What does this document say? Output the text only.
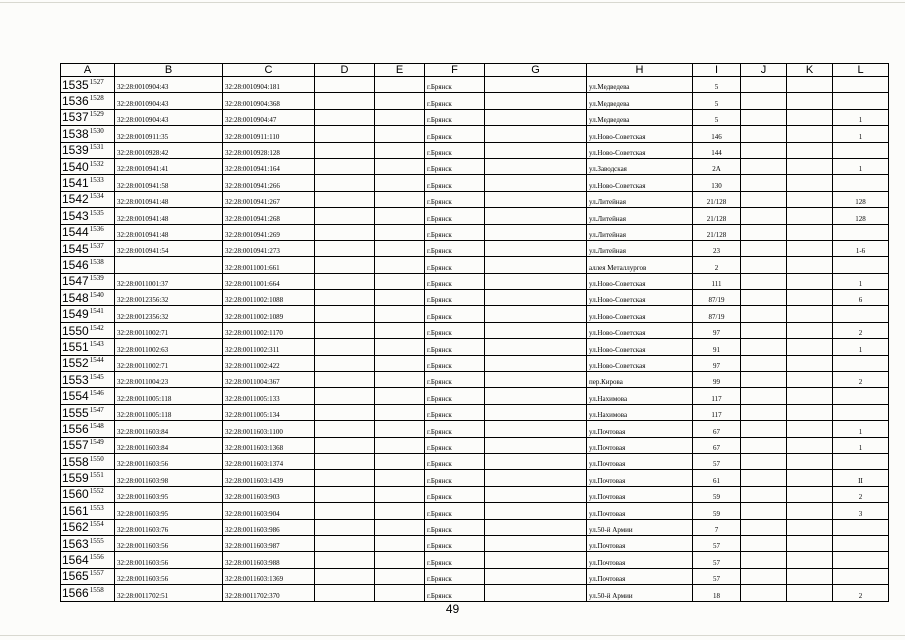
A	B	C	D	E	F	G	H	I	J	K	L
$1535^{1527}$	32:28:0010904:43	32:28:0010904:181			г.Брянск		ул.Медведева	5			
$1536^{1528}$	32:28:0010904:43	32:28:0010904:368			г.Брянск		ул.Медведева	5			
$1537^{1529}$	32:28:0010904:43	32:28:0010904:47			г.Брянск		ул.Медведева	5			1
$1538^{1530}$	32:28:0010911:35	32:28:0010911:110			г.Брянск		ул.Ново-Советская	146			1
$1539^{1531}$	32:28:0010928:42	32:28:0010928:128			г.Брянск		ул.Ново-Советская	144			
$1540^{1532}$	32:28:0010941:41	32:28:0010941:164			г.Брянск		ул.Заводская	2А			1
$1541^{1533}$	32:28:0010941:58	32:28:0010941:266			г.Брянск		ул.Ново-Советская	130			
$1542^{1534}$	32:28:0010941:48	32:28:0010941:267			г.Брянск		ул.Литейная	21/128			128
$1543^{1535}$	32:28:0010941:48	32:28:0010941:268			г.Брянск		ул.Литейная	21/128			128
$1544^{1536}$	32:28:0010941:48	32:28:0010941:269			г.Брянск		ул.Литейная	21/128			
$1545^{1537}$	32:28:0010941:54	32:28:0010941:273			г.Брянск		ул.Литейная	23			1-6
$1546^{1538}$		32:28:0011001:661			г.Брянск		аллея Металлургов	2			
$1547^{1539}$	32:28:0011001:37	32:28:0011001:664			г.Брянск		ул.Ново-Советская	111			1
$1548^{1540}$	32:28:0012356:32	32:28:0011002:1088			г.Брянск		ул.Ново-Советская	87/19			6
$1549^{1541}$	32:28:0012356:32	32:28:0011002:1089			г.Брянск		ул.Ново-Советская	87/19			
$1550^{1542}$	32:28:0011002:71	32:28:0011002:1170			г.Брянск		ул.Ново-Советская	97			2
$1551^{1543}$	32:28:0011002:63	32:28:0011002:311			г.Брянск		ул.Ново-Советская	91			1
$1552^{1544}$	32:28:0011002:71	32:28:0011002:422			г.Брянск		ул.Ново-Советская	97			
$1553^{1545}$	32:28:0011004:23	32:28:0011004:367			г.Брянск		пер.Кирова	99			2
$1554^{1546}$	32:28:0011005:118	32:28:0011005:133			г.Брянск		ул.Нахимова	117			
$1555^{1547}$	32:28:0011005:118	32:28:0011005:134			г.Брянск		ул.Нахимова	117			
$1556^{1548}$	32:28:0011603:84	32:28:0011603:1100			г.Брянск		ул.Почтовая	67			1
$1557^{1549}$	32:28:0011603:84	32:28:0011603:1368			г.Брянск		ул.Почтовая	67			1
$1558^{1550}$	32:28:0011603:56	32:28:0011603:1374			г.Брянск		ул.Почтовая	57			
$1559^{1551}$	32:28:0011603:98	32:28:0011603:1439			г.Брянск		ул.Почтовая	61			II
$1560^{1552}$	32:28:0011603:95	32:28:0011603:903			г.Брянск		ул.Почтовая	59			2
$1561^{1553}$	32:28:0011603:95	32:28:0011603:904			г.Брянск		ул.Почтовая	59			3
$1562^{1554}$	32:28:0011603:76	32:28:0011603:986			г.Брянск		ул.50-й Армии	7			
$1563^{1555}$	32:28:0011603:56	32:28:0011603:987			г.Брянск		ул.Почтовая	57			
$1564^{1556}$	32:28:0011603:56	32:28:0011603:988			г.Брянск		ул.Почтовая	57			
$1565^{1557}$	32:28:0011603:56	32:28:0011603:1369			г.Брянск		ул.Почтовая	57			
$1566^{1558}$	32:28:0011702:51	32:28:0011702:370			г.Брянск		ул.50-й Армии	18			2
49
